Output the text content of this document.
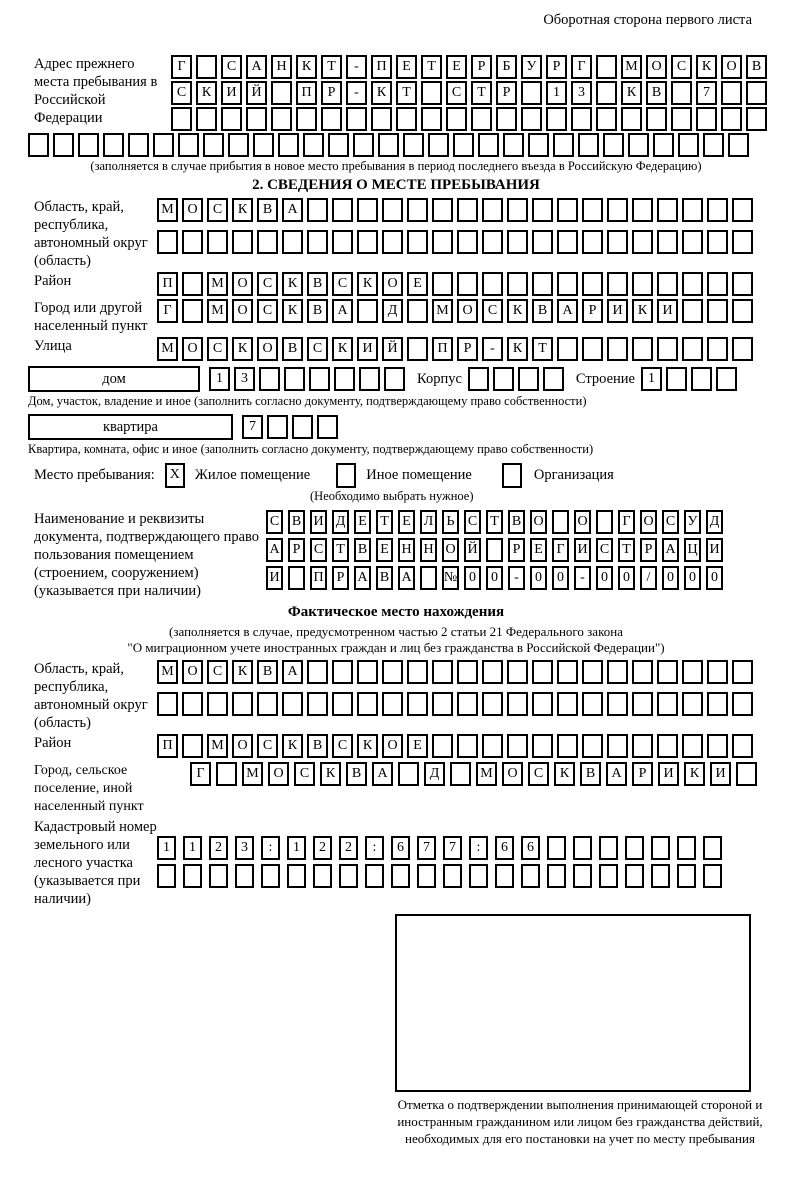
Оборотная сторона первого листа
Адрес прежнего места пребывания в Российской Федерации
Г	С	А	Н	К	Т	-	П	Е	Т	Е	Р	Б	У	Р	Г	М О	С	К	О	В
С	К	И	Й	П	Р	-	К	Т	С	Т	Р	1	3	К	В	7
(заполняется в случае прибытия в новое место пребывания в период последнего въезда в Российскую Федерацию)
2. СВЕДЕНИЯ О МЕСТЕ ПРЕБЫВАНИЯ
Область, край, республика, автономный округ (область)
М О	С	К	В	А
Район	П	М О	С	К	В	С	К	О	Е
Город или другой населенный пункт
Г	М О	С	К	В	А	Д	М О	С	К	В	А	Р	И	К	И
Улица	М О	С	К	О	В	С	К	И	Й	П	Р	-	К	Т
дом	1	3	Корпус	Строение 1
Дом, участок, владение и иное (заполнить согласно документу, подтверждающему право собственности)
квартира	7
Квартира, комната, офис и иное (заполнить согласно документу, подтверждающему право собственности)
Место пребывания:	X	Жилое помещение	Иное помещение	Организация
(Необходимо выбрать нужное)
Наименование и реквизиты документа, подтверждающего право пользования помещением (строением, сооружением) (указывается при наличии)
С В И Д Е Т Е Л Ь С Т В О О	Г О С У Д
А Р С Т В Е Н Н О Й	Р Е Г И С Т Р А Ц И
И П Р А В А № 0	0	-	0	0	-	0	0	/	0	0	0
Фактическое место нахождения
(заполняется в случае, предусмотренном частью 2 статьи 21 Федерального закона
"О миграционном учете иностранных граждан и лиц без гражданства в Российской Федерации")
Область, край, республика, автономный округ (область)
М О	С	К	В	А
Район	П	М О	С	К	В	С	К	О	Е
Город, сельское поселение, иной населенный пункт
Г	М	О	С	К	В	А	Д	М	О	С	К	В	А	Р	И	К	И
Кадастровый номер земельного или лесного участка (указывается при наличии)
1	1	2	3	:	1	2	2	:	6	7	7	:	6	6
Отметка о подтверждении выполнения принимающей стороной и иностранным гражданином или лицом без гражданства действий, необходимых для его постановки на учет по месту пребывания
